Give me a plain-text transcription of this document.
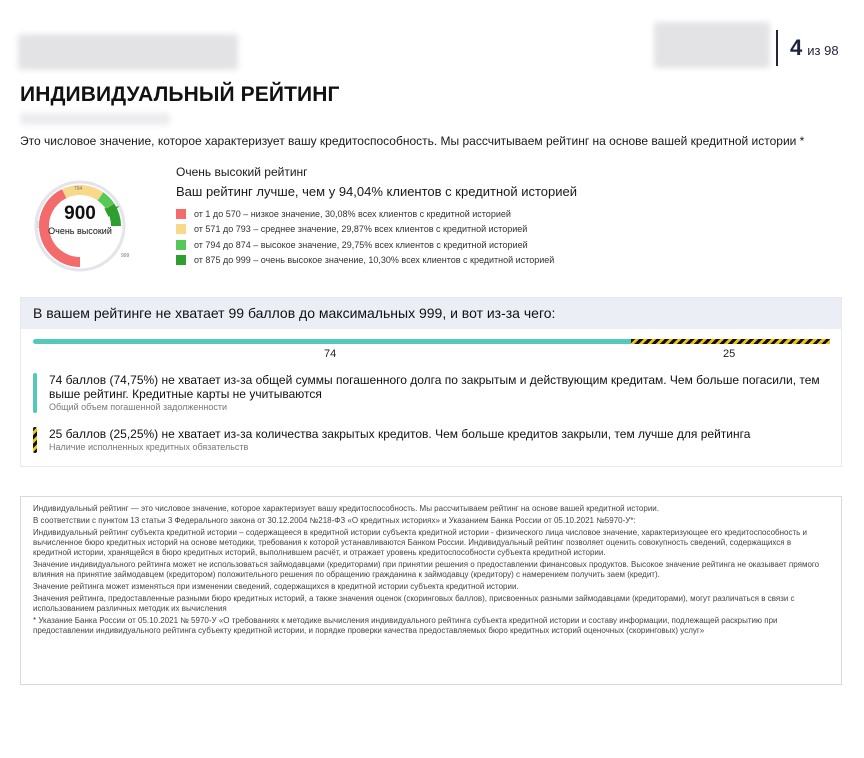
4 из 98
ИНДИВИДУАЛЬНЫЙ РЕЙТИНГ

Это числовое значение, которое характеризует вашу кредитоспособность. Мы рассчитываем рейтинг на основе вашей кредитной истории *

794
999
570
900
Очень высокий
Очень высокий рейтинг
Ваш рейтинг лучше, чем у 94,04% клиентов с кредитной историей
от 1 до 570 – низкое значение, 30,08% всех клиентов с кредитной историей
от 571 до 793 – среднее значение, 29,87% всех клиентов с кредитной историей
от 794 до 874 – высокое значение, 29,75% всех клиентов с кредитной историей
от 875 до 999 – очень высокое значение, 10,30% всех клиентов с кредитной историей
В вашем рейтинге не хватает 99 баллов до максимальных 999, и вот из-за чего:
74	25
74 баллов (74,75%) не хватает из-за общей суммы погашенного долга по закрытым и действующим кредитам. Чем больше погасили, тем выше рейтинг. Кредитные карты не учитываются
Общий объем погашенной задолженности
25 баллов (25,25%) не хватает из-за количества закрытых кредитов. Чем больше кредитов закрыли, тем лучше для рейтинга
Наличие исполненных кредитных обязательств

Индивидуальный рейтинг — это числовое значение, которое характеризует вашу кредитоспособность. Мы рассчитываем рейтинг на основе вашей кредитной истории.

В соответствии с пунктом 13 статьи 3 Федерального закона от 30.12.2004 №218-ФЗ «О кредитных историях» и Указанием Банка России от 05.10.2021 №5970-У*:

Индивидуальный рейтинг субъекта кредитной истории – содержащееся в кредитной истории субъекта кредитной истории - физического лица числовое значение, характеризующее его кредитоспособность и вычисленное бюро кредитных историй на основе методики, требования к которой устанавливаются Банком России. Индивидуальный рейтинг позволяет оценить совокупность сведений, содержащихся в кредитной истории, хранящейся в бюро кредитных историй, выполнившем расчёт, и отражает уровень кредитоспособности субъекта кредитной истории.

Значение индивидуального рейтинга может не использоваться займодавцами (кредиторами) при принятии решения о предоставлении финансовых продуктов. Высокое значение рейтинга не оказывает прямого влияния на принятие займодавцем (кредитором) положительного решения по обращению гражданина к займодавцу (кредитору) с намерением получить заем (кредит).

Значение рейтинга может изменяться при изменении сведений, содержащихся в кредитной истории субъекта кредитной истории.

Значения рейтинга, предоставленные разными бюро кредитных историй, а также значения оценок (скоринговых баллов), присвоенных разными займодавцами (кредиторами), могут различаться в связи с использованием различных методик их вычисления

* Указание Банка России от 05.10.2021 № 5970-У «О требованиях к методике вычисления индивидуального рейтинга субъекта кредитной истории и составу информации, подлежащей раскрытию при предоставлении индивидуального рейтинга субъекту кредитной истории, и порядке проверки качества предоставляемых бюро кредитных историй оценочных (скоринговых) услуг»
